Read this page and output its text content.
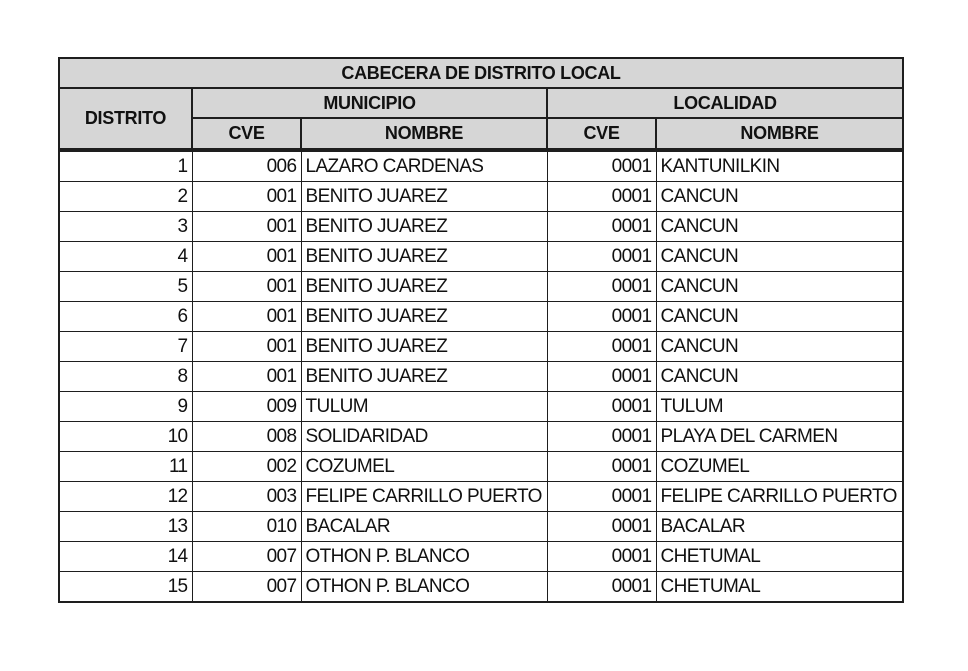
CABECERA DE DISTRITO LOCAL				
DISTRITO	MUNICIPIO		LOCALIDAD	
	CVE	NOMBRE	CVE	NOMBRE
1	006	LAZARO CARDENAS	0001	KANTUNILKIN
2	001	BENITO JUAREZ	0001	CANCUN
3	001	BENITO JUAREZ	0001	CANCUN
4	001	BENITO JUAREZ	0001	CANCUN
5	001	BENITO JUAREZ	0001	CANCUN
6	001	BENITO JUAREZ	0001	CANCUN
7	001	BENITO JUAREZ	0001	CANCUN
8	001	BENITO JUAREZ	0001	CANCUN
9	009	TULUM	0001	TULUM
10	008	SOLIDARIDAD	0001	PLAYA DEL CARMEN
11	002	COZUMEL	0001	COZUMEL
12	003	FELIPE CARRILLO PUERTO	0001	FELIPE CARRILLO PUERTO
13	010	BACALAR	0001	BACALAR
14	007	OTHON P. BLANCO	0001	CHETUMAL
15	007	OTHON P. BLANCO	0001	CHETUMAL
